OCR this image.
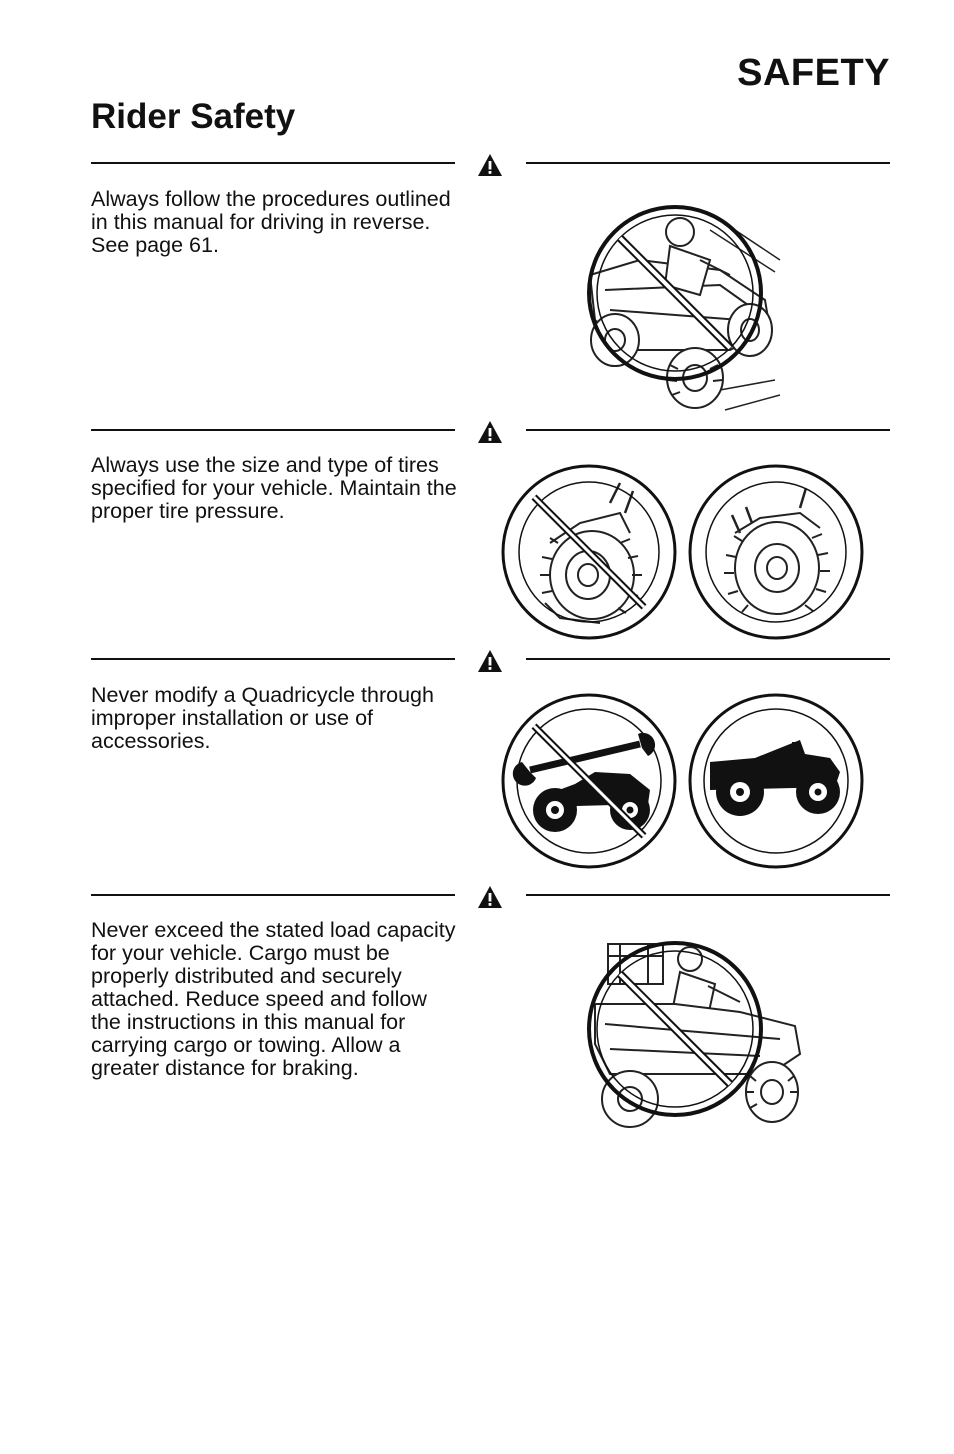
SAFETY
Rider Safety

Always follow the procedures outlined in this manual for driving in reverse. See page 61.

Always use the size and type of tires specified for your vehicle. Maintain the proper tire pressure.

Never modify a Quadricycle through improper installation or use of accessories.

Never exceed the stated load capacity for your vehicle. Cargo must be properly distributed and securely attached. Reduce speed and follow the instructions in this manual for carrying cargo or towing. Allow a greater distance for braking.
